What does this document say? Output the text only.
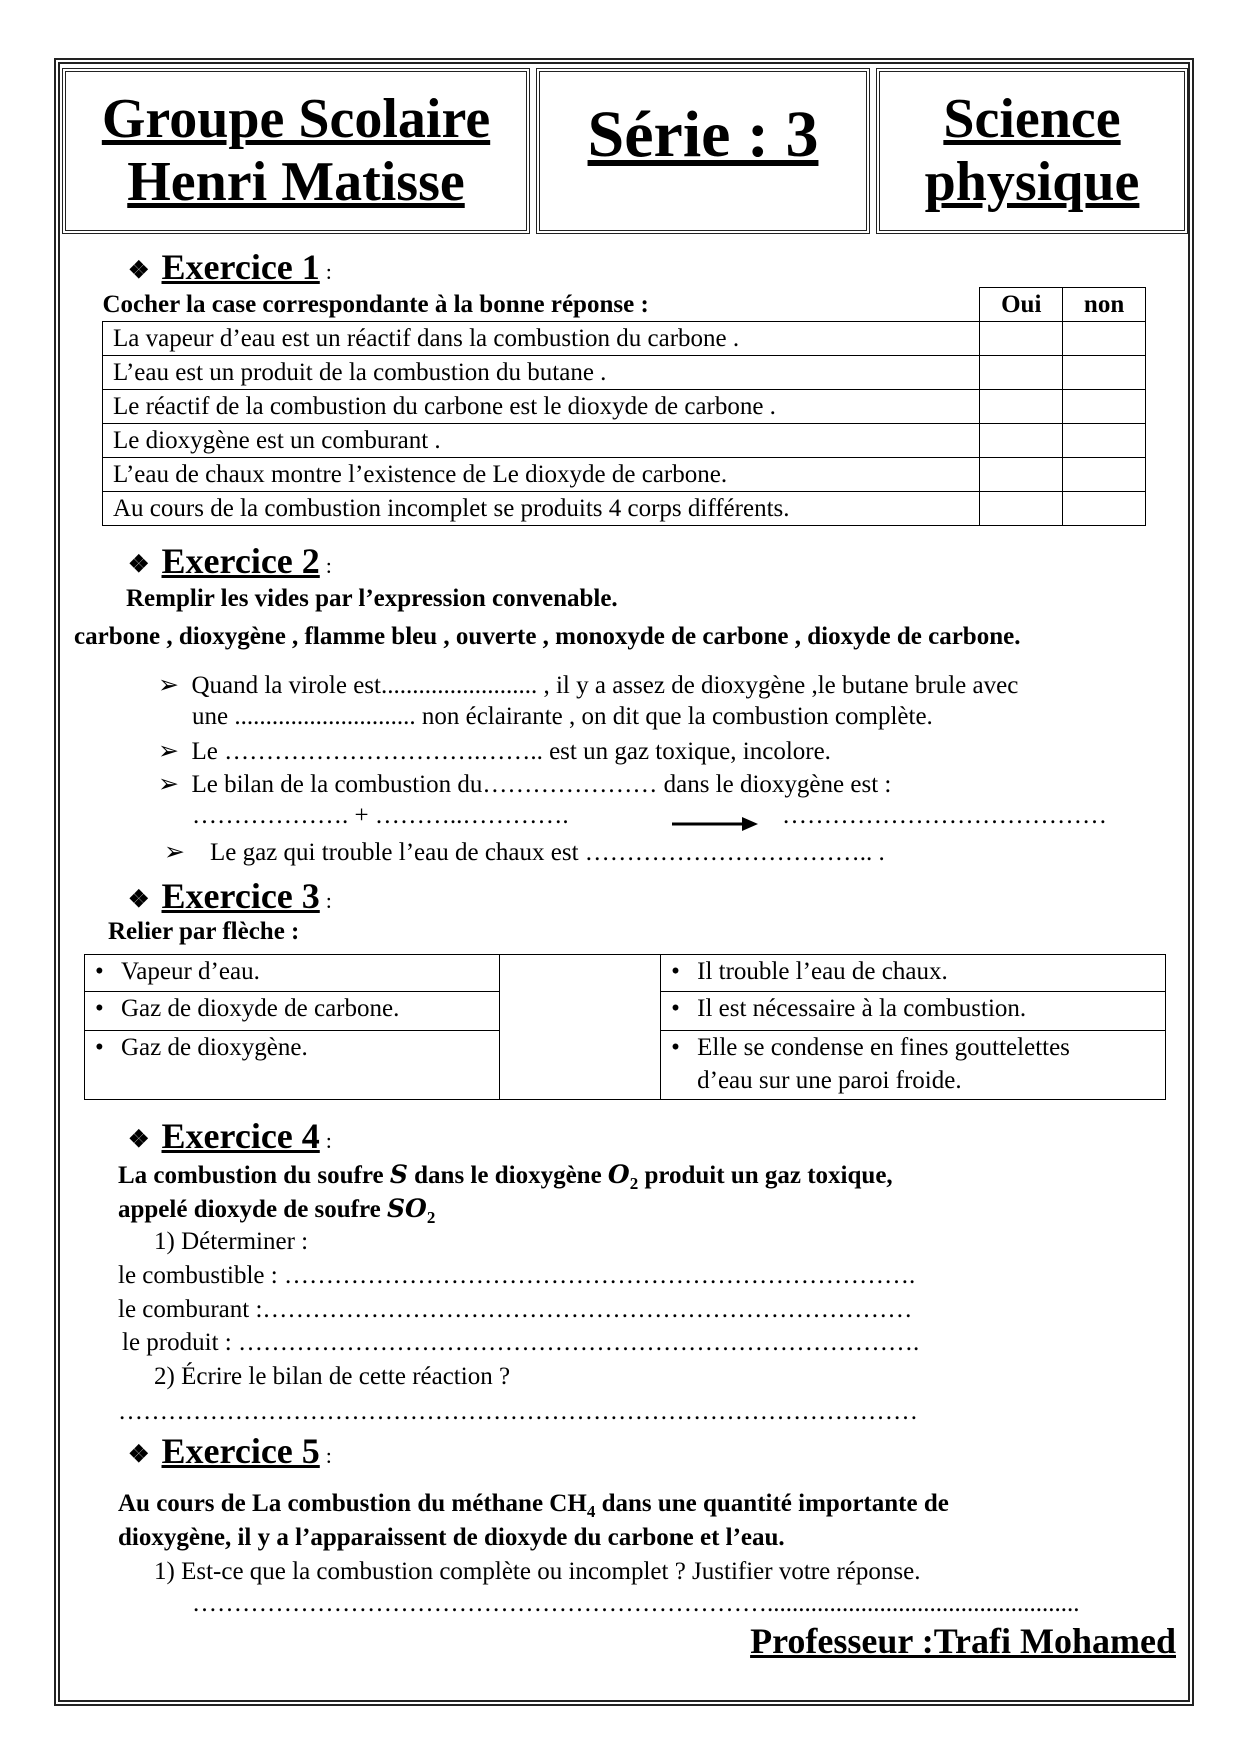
Groupe Scolaire
Henri Matisse
Série : 3 Science
physique
❖ Exercice 1 :
Cocher la case correspondante à la bonne réponse :	Oui	non
La vapeur d’eau est un réactif dans la combustion du carbone .		
L’eau est un produit de la combustion du butane .		
Le réactif de la combustion du carbone est le dioxyde de carbone .		
Le dioxygène est un comburant .		
L’eau de chaux montre l’existence de Le dioxyde de carbone.		
Au cours de la combustion incomplet se produits 4 corps différents.		
❖ Exercice 2 :
Remplir les vides par l’expression convenable.
carbone , dioxygène , flamme bleu , ouverte , monoxyde de carbone , dioxyde de carbone.
➢  Quand la virole est......................... , il y a assez de dioxygène ,le butane brule avec
une ............................. non éclairante , on dit que la combustion complète.
➢  Le ………………………….…….. est un gaz toxique, incolore.
➢  Le bilan de la combustion du………………… dans le dioxygène est :
………………. + ………..………….	…………………………………
➢    Le gaz qui trouble l’eau de chaux est …………………………….. .
❖ Exercice 3 :
Relier par flèche :
• Vapeur d’eau.		• Il trouble l’eau de chaux.
• Gaz de dioxyde de carbone.		• Il est nécessaire à la combustion.
• Gaz de dioxygène.		• Elle se condense en fines gouttelettes
d’eau sur une paroi froide.
❖ Exercice 4 :
La combustion du soufre S dans le dioxygène $O_2$ produit un gaz toxique,
appelé dioxyde de soufre $SO_2$
1) Déterminer :
le combustible : ………………………………………………………………….
le comburant :……………………………………………………………………
le produit : ……………………………………………………………………….
2) Écrire le bilan de cette réaction ?
……………………………………………………………………………………
❖ Exercice 5 :
Au cours de La combustion du méthane $CH_4$ dans une quantité importante de
dioxygène, il y a l’apparaissent de dioxyde du carbone et l’eau.
1) Est-ce que la combustion complète ou incomplet ? Justifier votre réponse.
……………………………………………………………..................................................
Professeur :Trafi Mohamed
